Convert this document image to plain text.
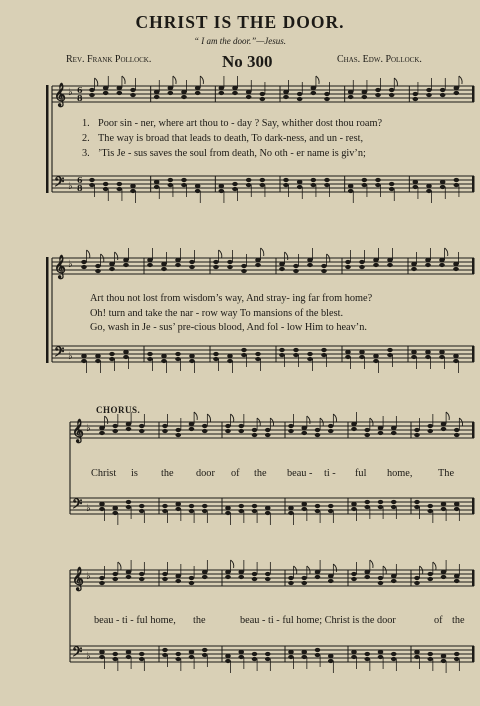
CHRIST IS THE DOOR.
“ I am the door.”—Jesus.
Rev. Frank Pollock.	No 300	Chas. Edw. Pollock.
𝄞
𝄢
♭
♭
6
8
6
8
𝄞
𝄢
♭
♭
𝄞
𝄢
♭
♭
𝄞
𝄢
♭
♭
1. Poor sin - ner, where art thou to - day ? Say, whither dost thou roam?
2. The way is broad that leads to death, To dark-ness, and un - rest,
3. ’Tis Je - sus saves the soul from death, No oth - er name is giv’n;
Art thou not lost from wisdom’s way, And stray- ing far from home?
Oh! turn and take the nar - row way To mansions of the blest.
Go, wash in Je - sus’ pre-cious blood, And fol - low Him to heav’n.
CHORUS.
Christ is the door of the beau - ti - ful home, The
beau - ti - ful home, the	beau - ti - ful home; Christ is the door	of the
